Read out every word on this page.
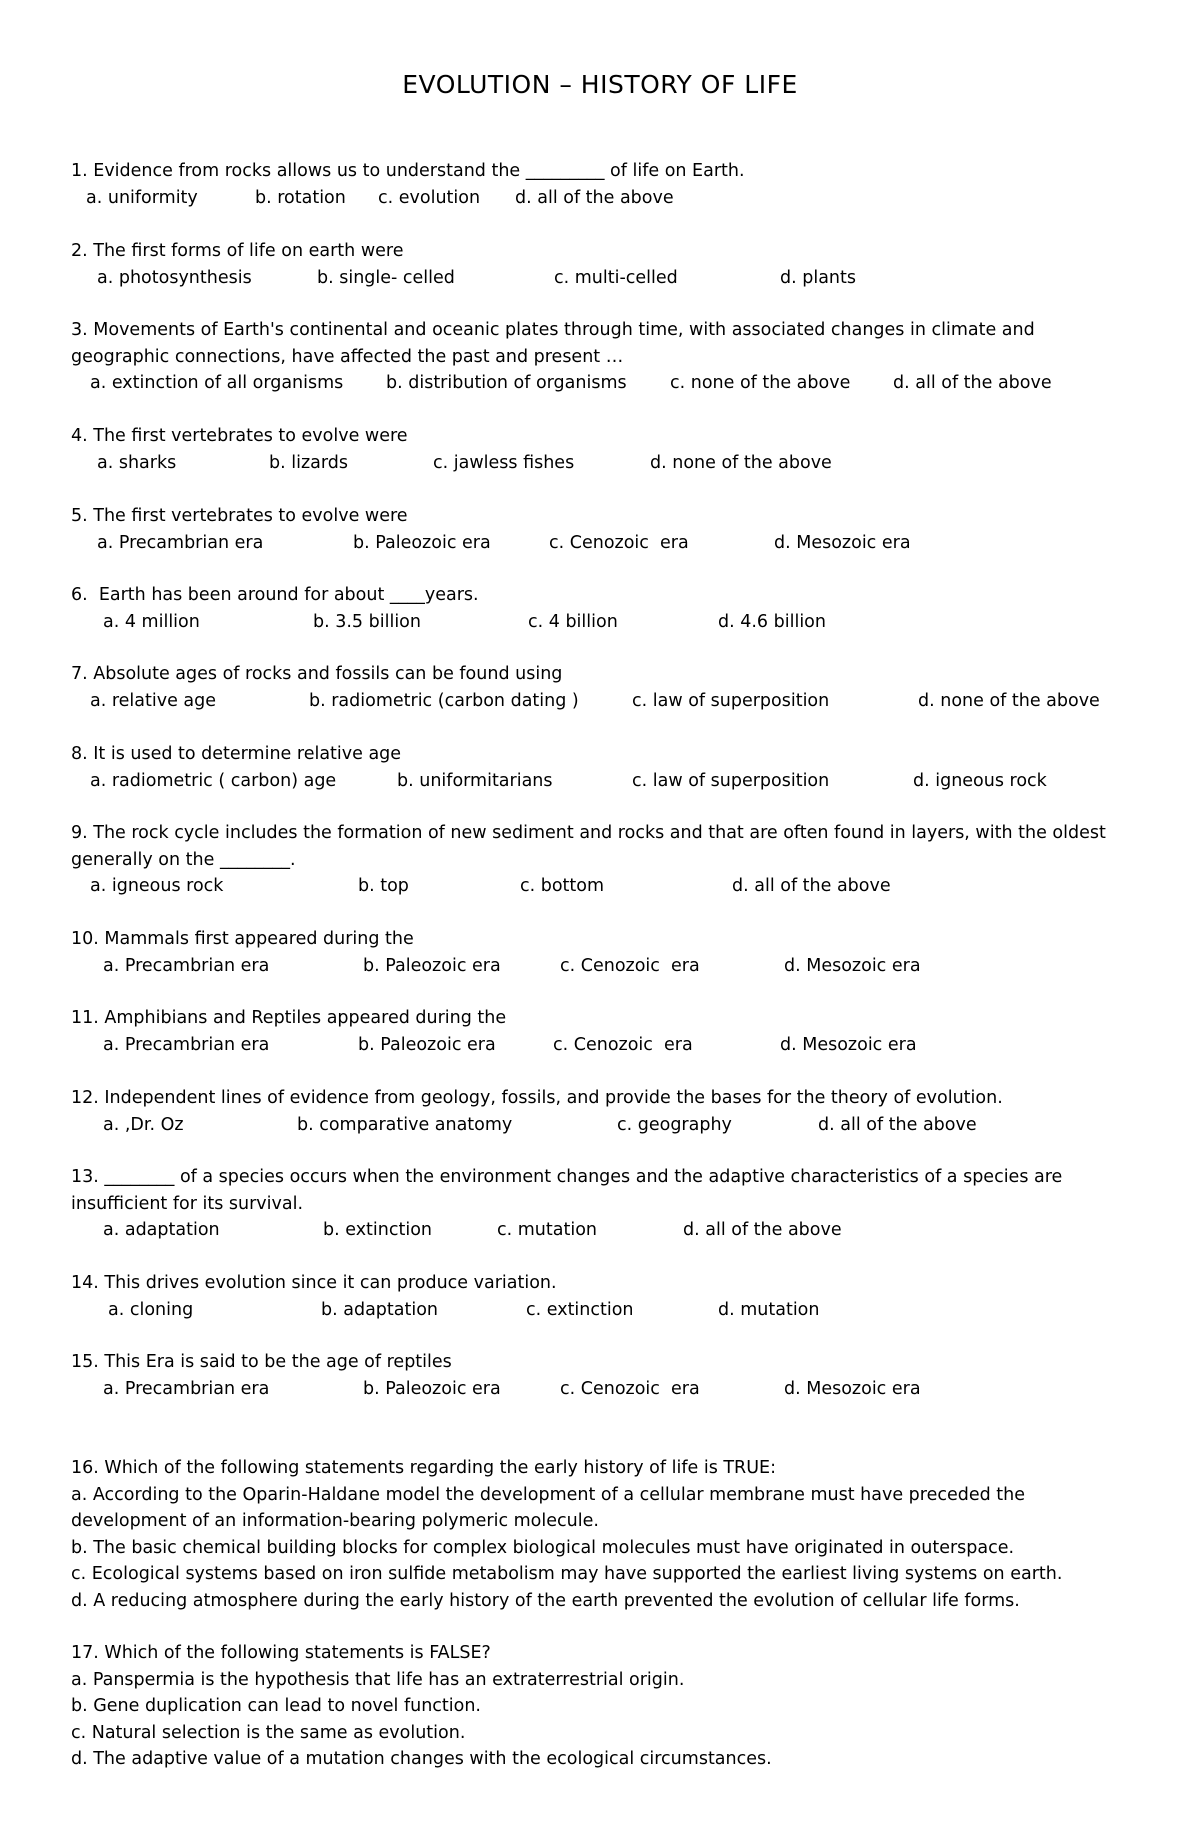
EVOLUTION – HISTORY OF LIFE
1. Evidence from rocks allows us to understand the _________ of life on Earth.
a. uniformity	b. rotation c. evolution d. all of the above
2. The first forms of life on earth were
a. photosynthesis	b. single- celled	c. multi-celled	d. plants
3. Movements of Earth's continental and oceanic plates through time, with associated changes in climate and
geographic connections, have affected the past and present …
a. extinction of all organisms b. distribution of organisms c. none of the above d. all of the above
4. The first vertebrates to evolve were
a. sharks	b. lizards	c. jawless fishes	d. none of the above
5. The first vertebrates to evolve were
a. Precambrian era	b. Paleozoic era	c. Cenozoic  era	d. Mesozoic era
6.  Earth has been around for about ____years.
a. 4 million	b. 3.5 billion	c. 4 billion	d. 4.6 billion
7. Absolute ages of rocks and fossils can be found using
a. relative age	b. radiometric (carbon dating )	c. law of superposition	d. none of the above
8. It is used to determine relative age
a. radiometric ( carbon) age	b. uniformitarians	c. law of superposition	d. igneous rock
9. The rock cycle includes the formation of new sediment and rocks and that are often found in layers, with the oldest
generally on the ________.
a. igneous rock	b. top	c. bottom	d. all of the above
10. Mammals first appeared during the
a. Precambrian era	b. Paleozoic era	c. Cenozoic  era	d. Mesozoic era
11. Amphibians and Reptiles appeared during the
a. Precambrian era	b. Paleozoic era	c. Cenozoic  era	d. Mesozoic era
12. Independent lines of evidence from geology, fossils, and provide the bases for the theory of evolution.
a. ,Dr. Oz	b. comparative anatomy	c. geography	d. all of the above
13. ________ of a species occurs when the environment changes and the adaptive characteristics of a species are
insufficient for its survival.
a. adaptation	b. extinction	c. mutation	d. all of the above
14. This drives evolution since it can produce variation.
a. cloning	b. adaptation	c. extinction	d. mutation
15. This Era is said to be the age of reptiles
a. Precambrian era	b. Paleozoic era	c. Cenozoic  era	d. Mesozoic era
16. Which of the following statements regarding the early history of life is TRUE:
a. According to the Oparin-Haldane model the development of a cellular membrane must have preceded the
development of an information-bearing polymeric molecule.
b. The basic chemical building blocks for complex biological molecules must have originated in outerspace.
c. Ecological systems based on iron sulfide metabolism may have supported the earliest living systems on earth.
d. A reducing atmosphere during the early history of the earth prevented the evolution of cellular life forms.
17. Which of the following statements is FALSE?
a. Panspermia is the hypothesis that life has an extraterrestrial origin.
b. Gene duplication can lead to novel function.
c. Natural selection is the same as evolution.
d. The adaptive value of a mutation changes with the ecological circumstances.
